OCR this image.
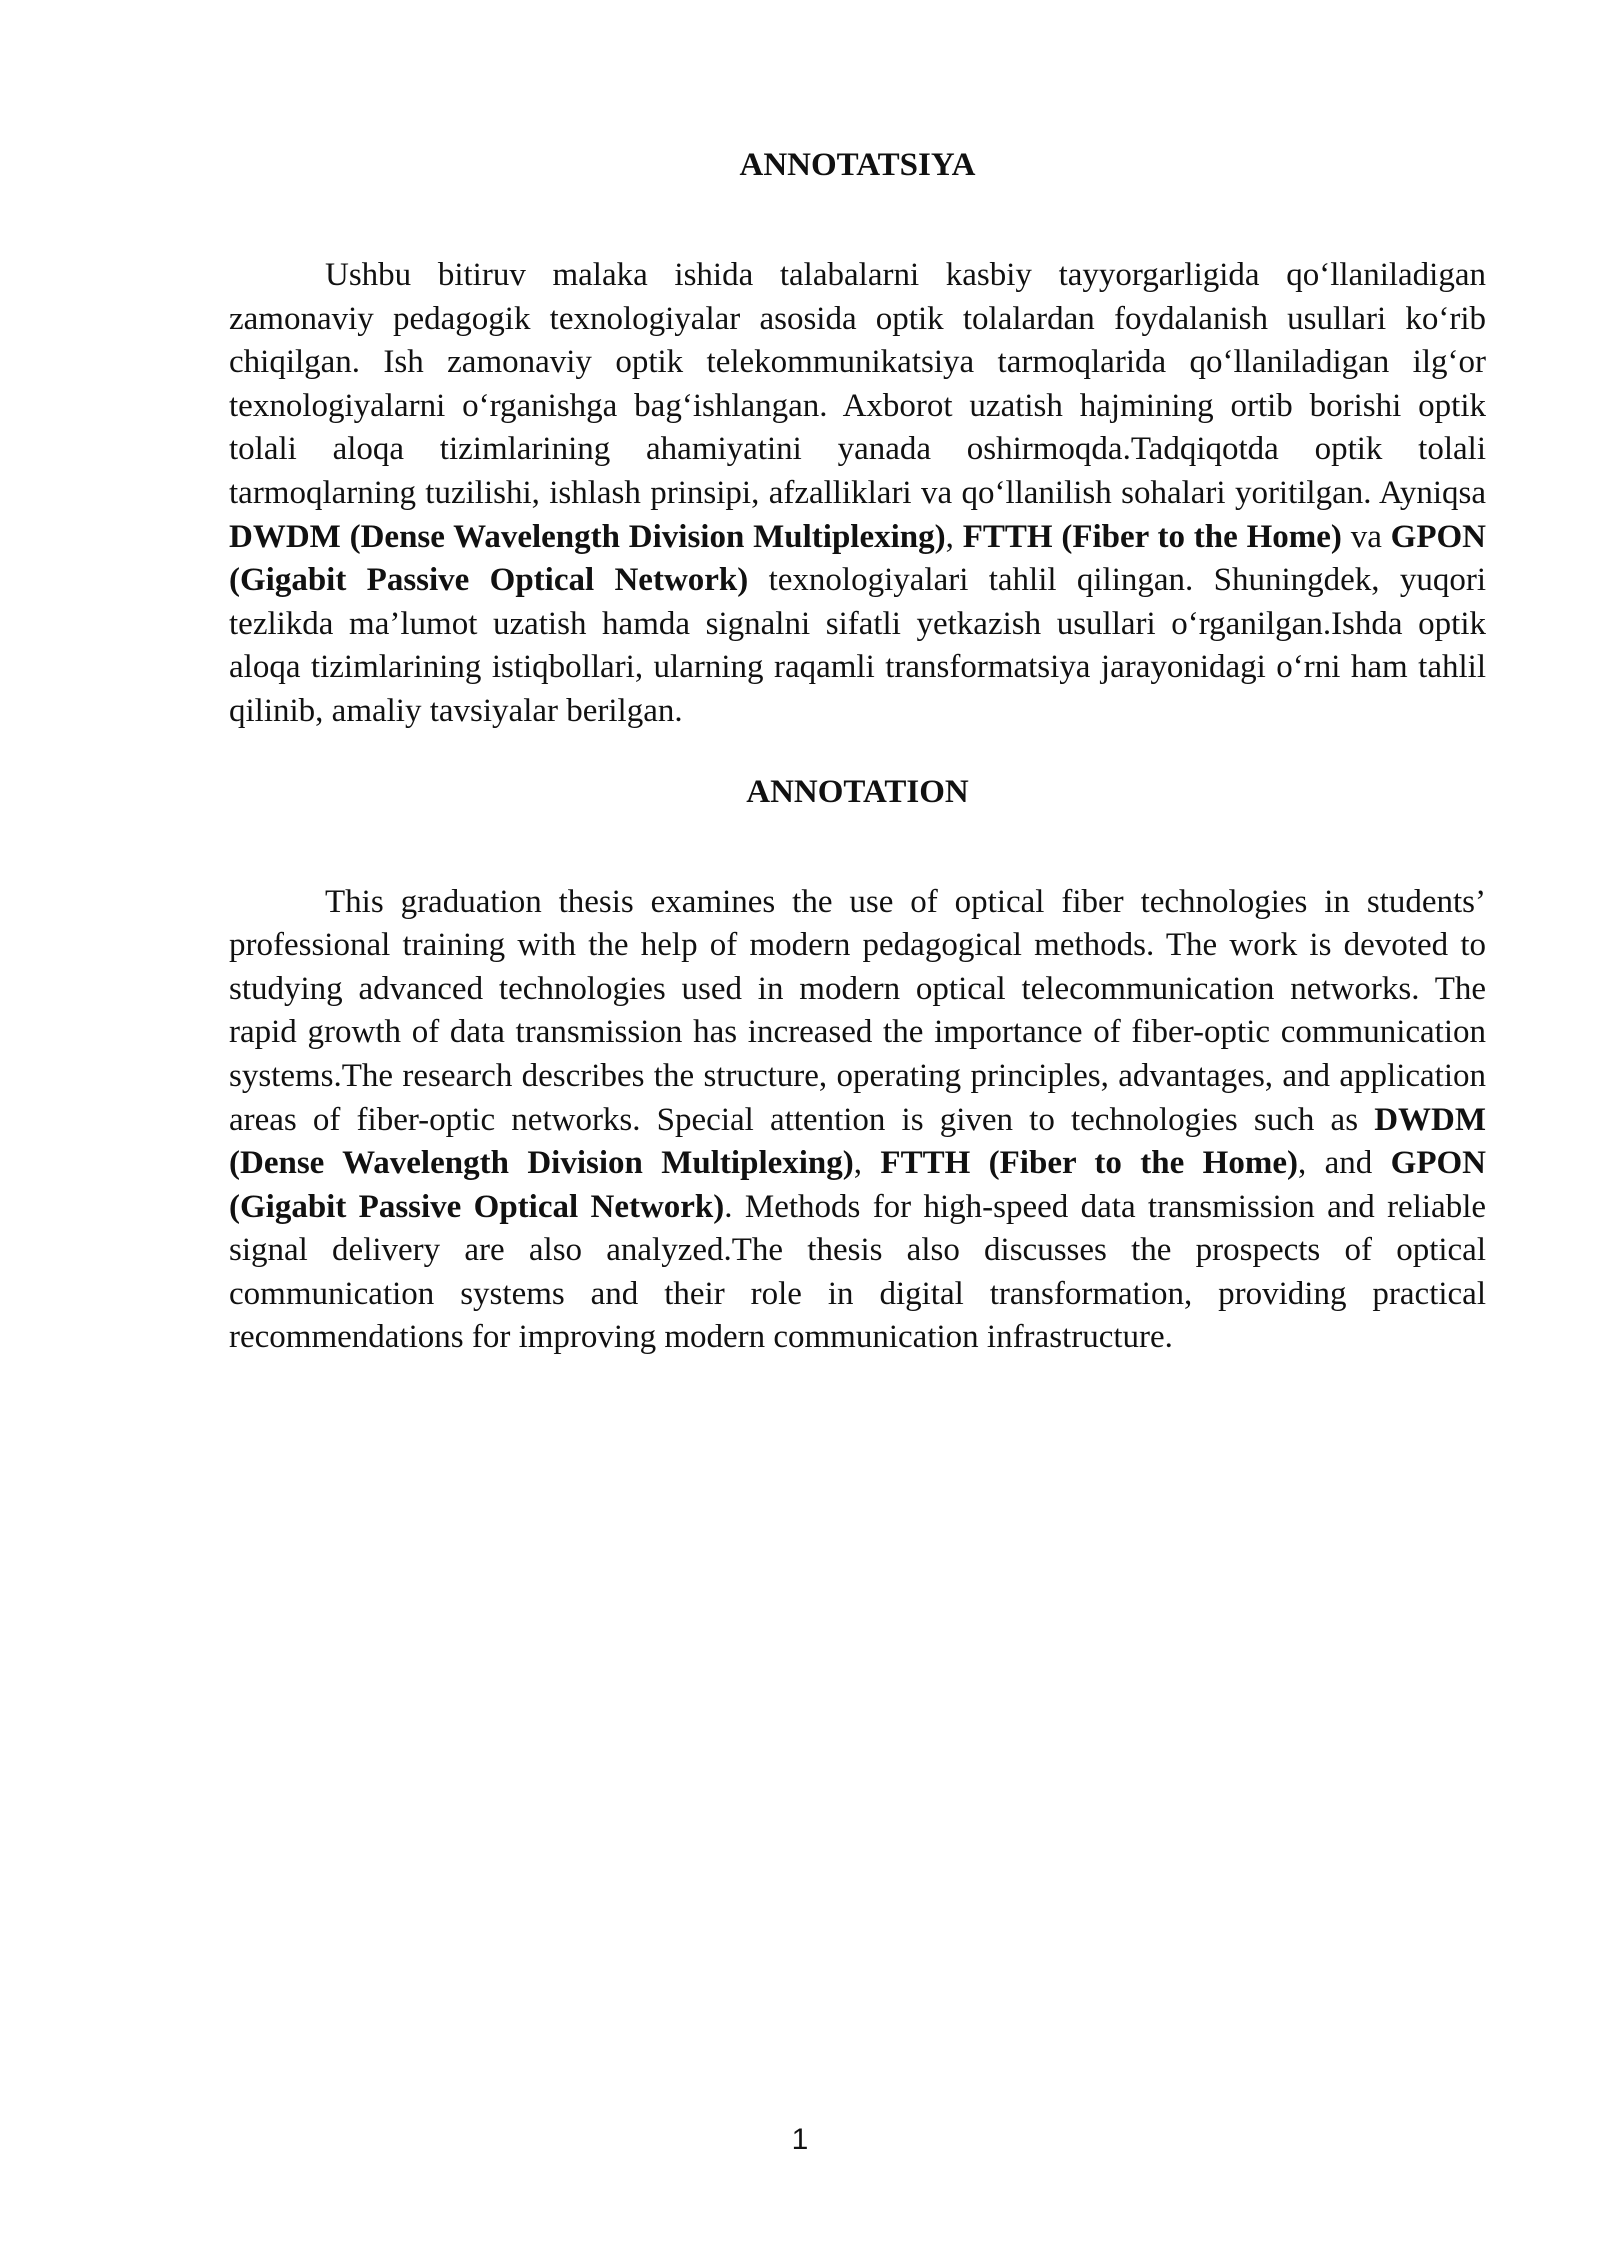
ANNOTATSIYA

Ushbu bitiruv malaka ishida talabalarni kasbiy tayyorgarligida qo‘llaniladigan zamonaviy pedagogik texnologiyalar asosida optik tolalardan foydalanish usullari ko‘rib chiqilgan. Ish zamonaviy optik telekommunikatsiya tarmoqlarida qo‘llaniladigan ilg‘or texnologiyalarni o‘rganishga bag‘ishlangan. Axborot uzatish hajmining ortib borishi optik tolali aloqa tizimlarining ahamiyatini yanada oshirmoqda.Tadqiqotda optik tolali tarmoqlarning tuzilishi, ishlash prinsipi, afzalliklari va qo‘llanilish sohalari yoritilgan. Ayniqsa DWDM (Dense Wavelength Division Multiplexing), FTTH (Fiber to the Home) va GPON (Gigabit Passive Optical Network) texnologiyalari tahlil qilingan. Shuningdek, yuqori tezlikda ma’lumot uzatish hamda signalni sifatli yetkazish usullari o‘rganilgan.Ishda optik aloqa tizimlarining istiqbollari, ularning raqamli transformatsiya jarayonidagi o‘rni ham tahlil qilinib, amaliy tavsiyalar berilgan.

ANNOTATION

This graduation thesis examines the use of optical fiber technologies in students’ professional training with the help of modern pedagogical methods. The work is devoted to studying advanced technologies used in modern optical telecommunication networks. The rapid growth of data transmission has increased the importance of fiber-optic communication systems.The research describes the structure, operating principles, advantages, and application areas of fiber-optic networks. Special attention is given to technologies such as DWDM (Dense Wavelength Division Multiplexing), FTTH (Fiber to the Home), and GPON (Gigabit Passive Optical Network). Methods for high-speed data transmission and reliable signal delivery are also analyzed.The thesis also discusses the prospects of optical communication systems and their role in digital transformation, providing practical recommendations for improving modern communication infrastructure.

1
